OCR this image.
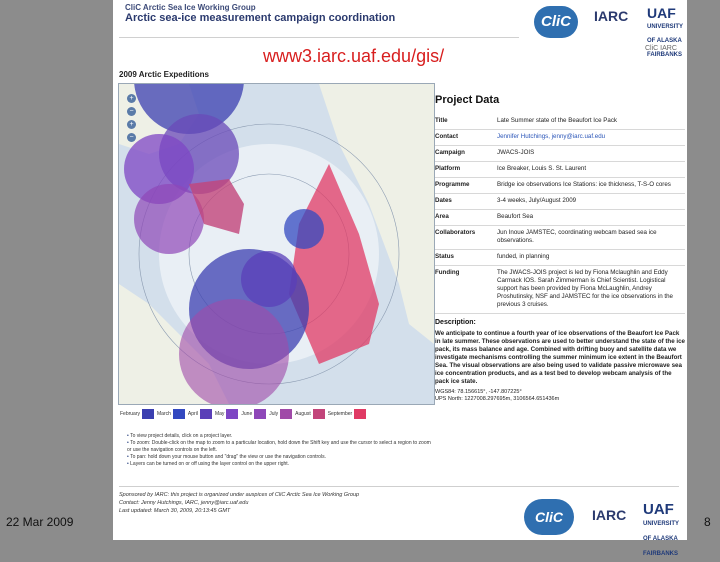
CliC Arctic Sea Ice Working Group
Arctic sea-ice measurement campaign coordination	CliC	IARC UAF
UNIVERSITY OF ALASKA FAIRBANKS
www3.iarc.uaf.edu/gis/	CliC IARC
2009 Arctic Expeditions
+
−
+
−
February	March	April	May	June	July	August	September
• To view project details, click on a project layer.
• To zoom: Double-click on the map to zoom to a particular location, hold down the Shift key and use the cursor to select a region to zoom or use the navigation controls on the left.
• To pan: hold down your mouse button and "drag" the view or use the navigation controls.
• Layers can be turned on or off using the layer control on the upper right.
Project Data
Title	Late Summer state of the Beaufort Ice Pack
Contact	Jennifer Hutchings, jenny@iarc.uaf.edu
Campaign	JWACS-JOIS
Platform	Ice Breaker, Louis S. St. Laurent
Programme	Bridge ice observations Ice Stations: ice thickness, T-S-O cores
Dates	3-4 weeks, July/August 2009
Area	Beaufort Sea
Collaborators	Jun Inoue JAMSTEC, coordinating webcam based sea ice observations.
Status	funded, in planning
Funding	The JWACS-JOIS project is led by Fiona Mclaughlin and Eddy Carmack IOS. Sarah Zimmerman is Chief Scientist. Logistical support has been provided by Fiona McLaughlin, Andrey Proshutinsky, NSF and JAMSTEC for the ice observations in the previous 3 cruises.
Description:
We anticipate to continue a fourth year of ice observations of the Beaufort Ice Pack in late summer. These observations are used to better understand the state of the ice pack, its mass balance and age. Combined with drifting buoy and satellite data we investigate mechanisms controlling the summer minimum ice extent in the Beaufort Sea. The visual observations are also being used to validate passive microwave sea ice concentration products, and as a test bed to develop webcam analysis of the pack ice state.
WGS84: 78.156615°, -147.807225°
UPS North: 1227008.297695m, 3106564.651436m
Sponsored by IARC: this project is organized under auspices of CliC Arctic Sea Ice Working Group
Contact: Jenny Hutchings, IARC, jenny@iarc.uaf.edu
Last updated: March 30, 2009, 20:13:45 GMT	CliC	IARC UAF
UNIVERSITY OF ALASKA FAIRBANKS
22 Mar 2009	8
